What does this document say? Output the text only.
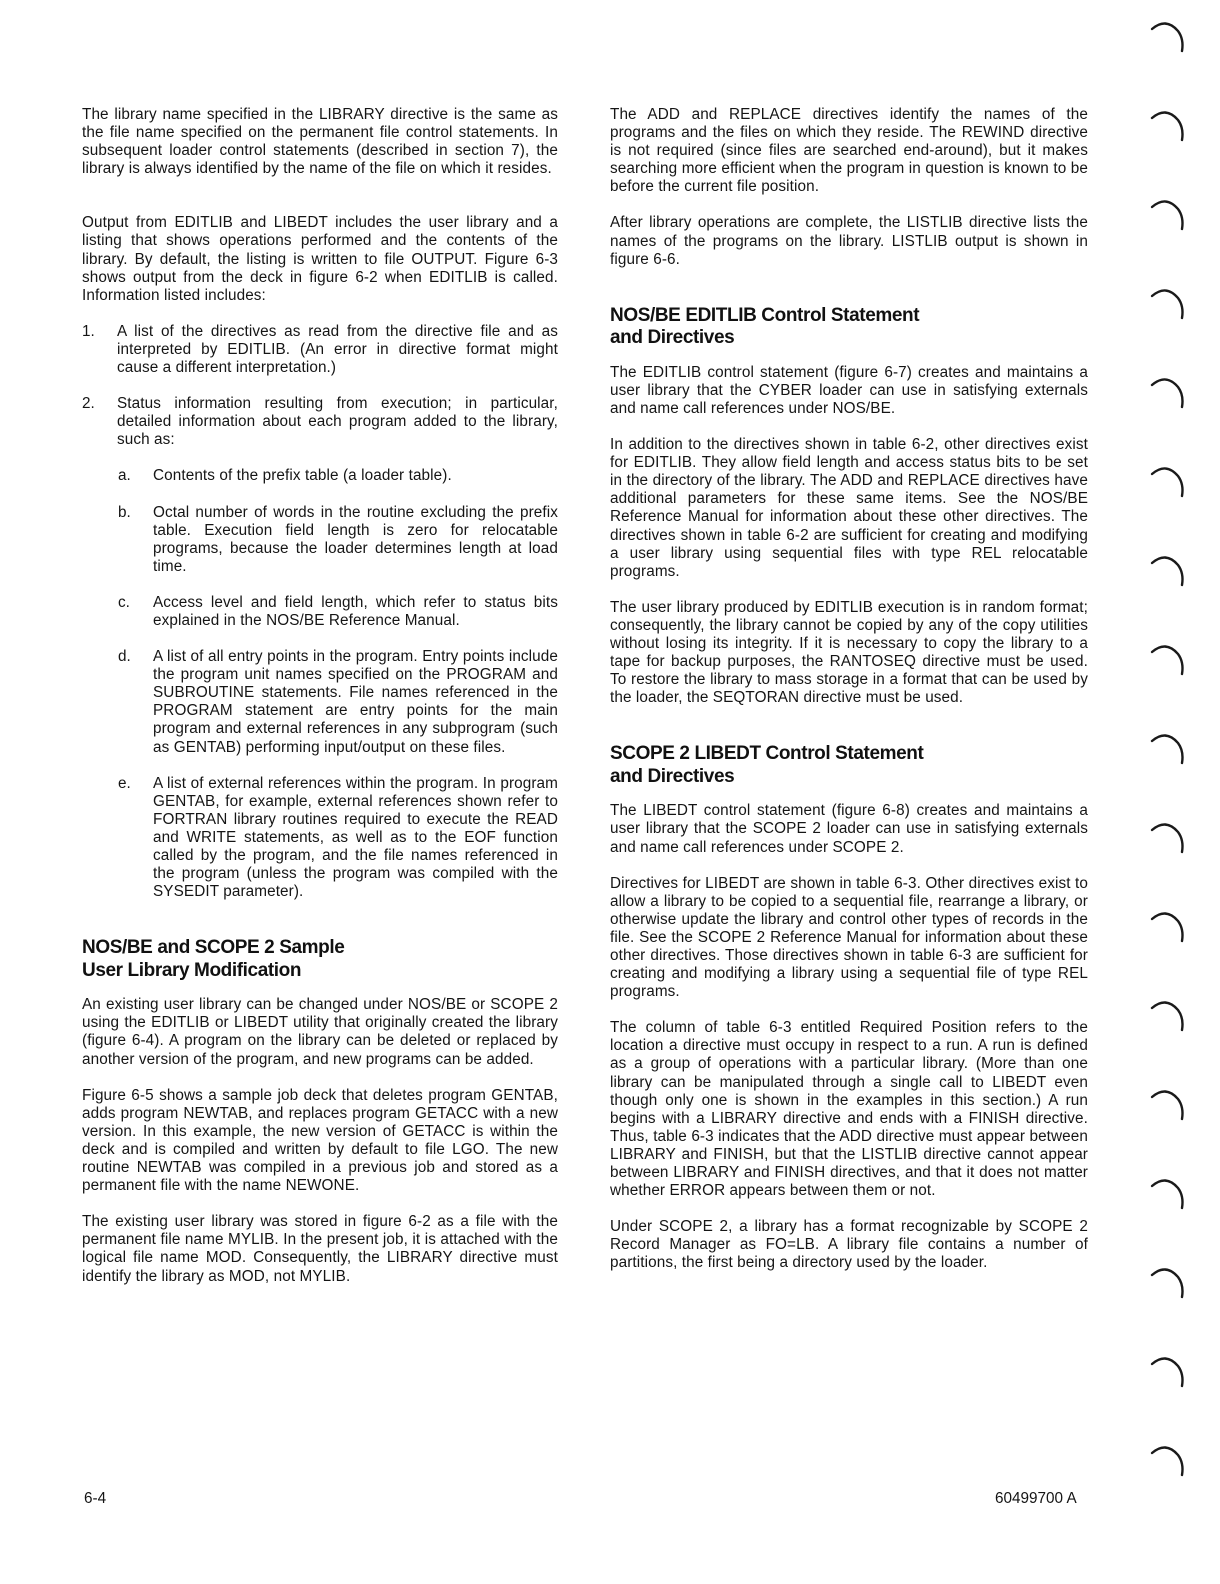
The library name specified in the LIBRARY directive is the same as the file name specified on the permanent file control statements. In subsequent loader control statements (described in section 7), the library is always identified by the name of the file on which it resides.

Output from EDITLIB and LIBEDT includes the user library and a listing that shows operations performed and the contents of the library. By default, the listing is written to file OUTPUT. Figure 6-3 shows output from the deck in figure 6-2 when EDITLIB is called. Information listed includes:

1. A list of the directives as read from the directive file and as interpreted by EDITLIB. (An error in directive format might cause a different interpretation.)

2. Status information resulting from execution; in particular, detailed information about each program added to the library, such as:

a. Contents of the prefix table (a loader table).

b. Octal number of words in the routine excluding the prefix table. Execution field length is zero for relocatable programs, because the loader determines length at load time.

c. Access level and field length, which refer to status bits explained in the NOS/BE Reference Manual.

d. A list of all entry points in the program. Entry points include the program unit names specified on the PROGRAM and SUBROUTINE statements. File names referenced in the PROGRAM statement are entry points for the main program and external references in any subprogram (such as GENTAB) performing input/output on these files.

e. A list of external references within the program. In program GENTAB, for example, external references shown refer to FORTRAN library routines required to execute the READ and WRITE statements, as well as to the EOF function called by the program, and the file names referenced in the program (unless the program was compiled with the SYSEDIT parameter).

NOS/BE and SCOPE 2 Sample
User Library Modification

An existing user library can be changed under NOS/BE or SCOPE 2 using the EDITLIB or LIBEDT utility that originally created the library (figure 6-4). A program on the library can be deleted or replaced by another version of the program, and new programs can be added.

Figure 6-5 shows a sample job deck that deletes program GENTAB, adds program NEWTAB, and replaces program GETACC with a new version. In this example, the new version of GETACC is within the deck and is compiled and written by default to file LGO. The new routine NEWTAB was compiled in a previous job and stored as a permanent file with the name NEWONE.

The existing user library was stored in figure 6-2 as a file with the permanent file name MYLIB. In the present job, it is attached with the logical file name MOD. Consequently, the LIBRARY directive must identify the library as MOD, not MYLIB.

The ADD and REPLACE directives identify the names of the programs and the files on which they reside. The REWIND directive is not required (since files are searched end-around), but it makes searching more efficient when the program in question is known to be before the current file position.

After library operations are complete, the LISTLIB directive lists the names of the programs on the library. LISTLIB output is shown in figure 6-6.

NOS/BE EDITLIB Control Statement
and Directives

The EDITLIB control statement (figure 6-7) creates and maintains a user library that the CYBER loader can use in satisfying externals and name call references under NOS/BE.

In addition to the directives shown in table 6-2, other directives exist for EDITLIB. They allow field length and access status bits to be set in the directory of the library. The ADD and REPLACE directives have additional parameters for these same items. See the NOS/BE Reference Manual for information about these other directives. The directives shown in table 6-2 are sufficient for creating and modifying a user library using sequential files with type REL relocatable programs.

The user library produced by EDITLIB execution is in random format; consequently, the library cannot be copied by any of the copy utilities without losing its integrity. If it is necessary to copy the library to a tape for backup purposes, the RANTOSEQ directive must be used. To restore the library to mass storage in a format that can be used by the loader, the SEQTORAN directive must be used.

SCOPE 2 LIBEDT Control Statement
and Directives

The LIBEDT control statement (figure 6-8) creates and maintains a user library that the SCOPE 2 loader can use in satisfying externals and name call references under SCOPE 2.

Directives for LIBEDT are shown in table 6-3. Other directives exist to allow a library to be copied to a sequential file, rearrange a library, or otherwise update the library and control other types of records in the file. See the SCOPE 2 Reference Manual for information about these other directives. Those directives shown in table 6-3 are sufficient for creating and modifying a library using a sequential file of type REL programs.

The column of table 6-3 entitled Required Position refers to the location a directive must occupy in respect to a run. A run is defined as a group of operations with a particular library. (More than one library can be manipulated through a single call to LIBEDT even though only one is shown in the examples in this section.) A run begins with a LIBRARY directive and ends with a FINISH directive. Thus, table 6-3 indicates that the ADD directive must appear between LIBRARY and FINISH, but that the LISTLIB directive cannot appear between LIBRARY and FINISH directives, and that it does not matter whether ERROR appears between them or not.

Under SCOPE 2, a library has a format recognizable by SCOPE 2 Record Manager as FO=LB. A library file contains a number of partitions, the first being a directory used by the loader.

6-4	60499700 A
